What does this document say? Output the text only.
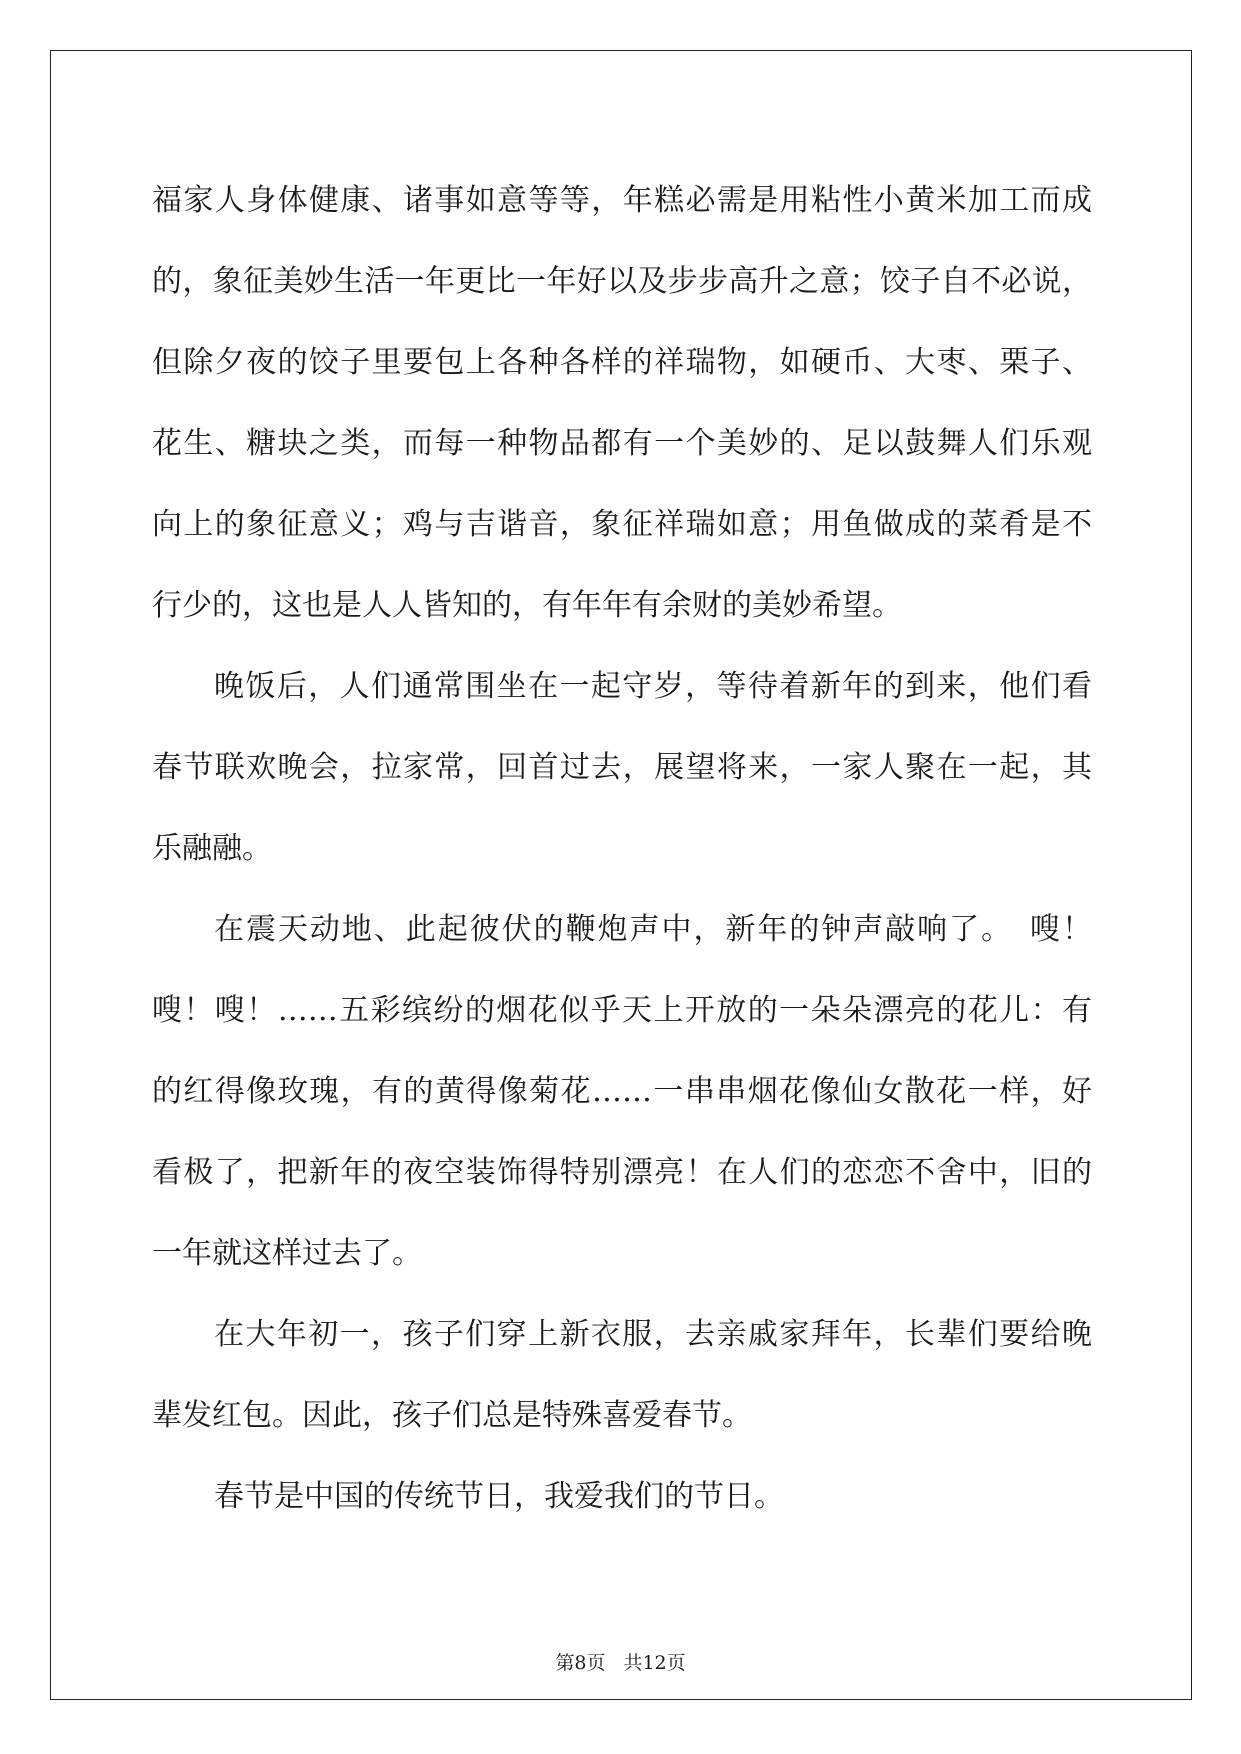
福家人身体健康、诸事如意等等，年糕必需是用粘性小黄米加工而成
的，象征美妙生活一年更比一年好以及步步高升之意；饺子自不必说，
但除夕夜的饺子里要包上各种各样的祥瑞物，如硬币、大枣、栗子、
花生、糖块之类，而每一种物品都有一个美妙的、足以鼓舞人们乐观
向上的象征意义；鸡与吉谐音，象征祥瑞如意；用鱼做成的菜肴是不
行少的，这也是人人皆知的，有年年有余财的美妙希望。
晚饭后，人们通常围坐在一起守岁，等待着新年的到来，他们看
春节联欢晚会，拉家常，回首过去，展望将来，一家人聚在一起，其
乐融融。
在震天动地、此起彼伏的鞭炮声中，新年的钟声敲响了。　嗖！
嗖！嗖！……五彩缤纷的烟花似乎天上开放的一朵朵漂亮的花儿：有
的红得像玫瑰，有的黄得像菊花……一串串烟花像仙女散花一样，好
看极了，把新年的夜空装饰得特别漂亮！在人们的恋恋不舍中，旧的
一年就这样过去了。
在大年初一，孩子们穿上新衣服，去亲戚家拜年，长辈们要给晚
辈发红包。因此，孩子们总是特殊喜爱春节。
春节是中国的传统节日，我爱我们的节日。
第8页 共12页
